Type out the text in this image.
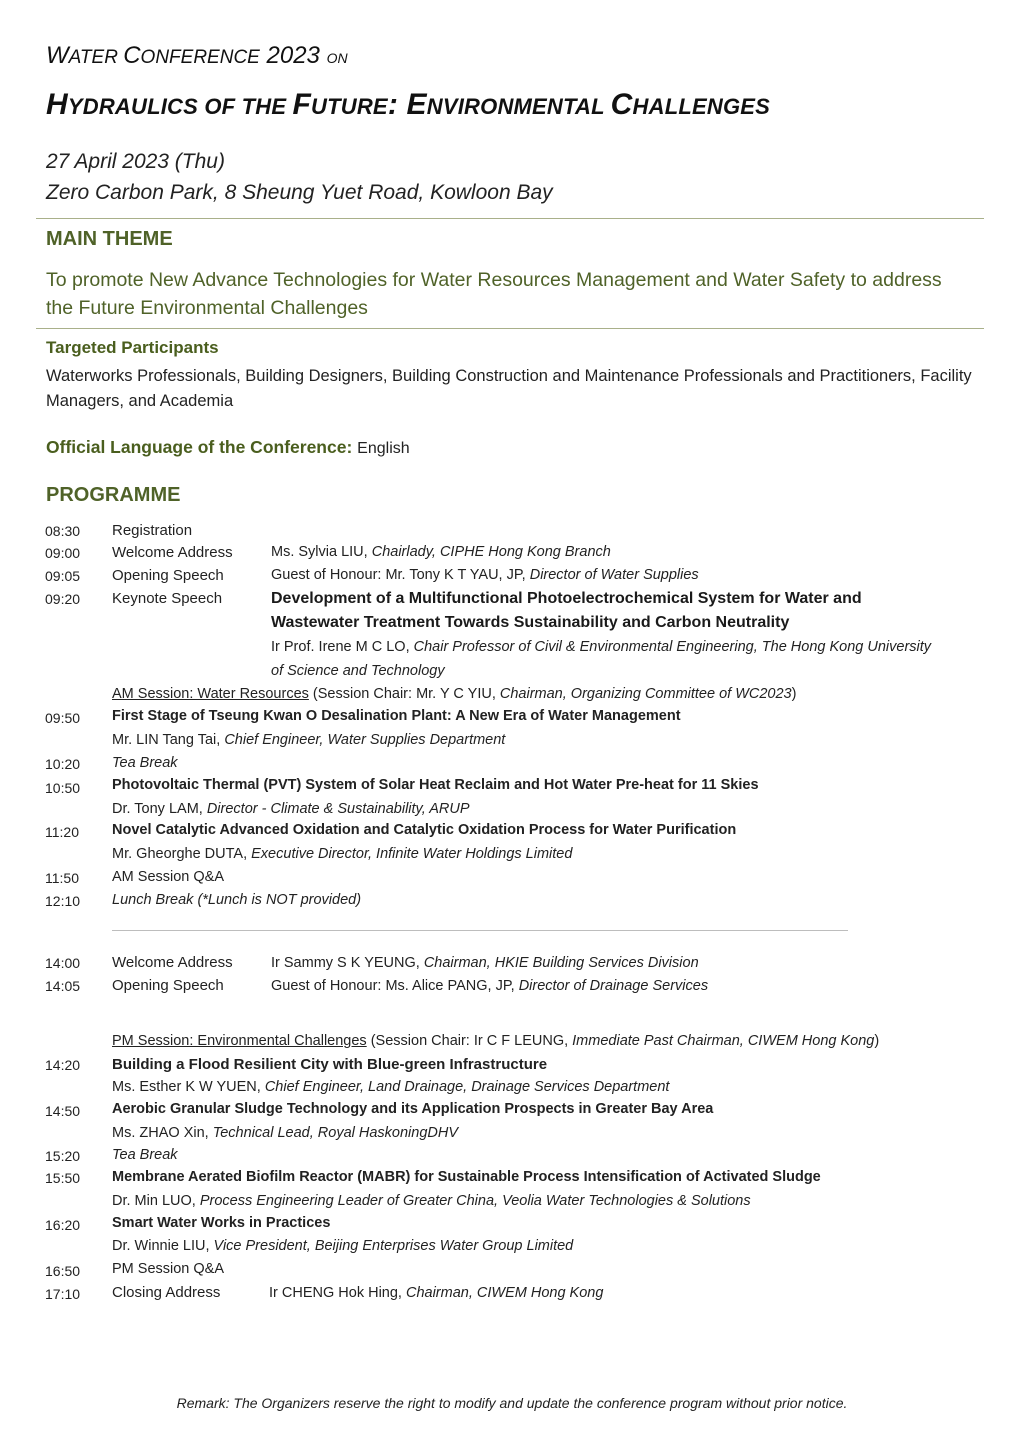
WATER CONFERENCE 2023 ON
HYDRAULICS OF THE FUTURE: ENVIRONMENTAL CHALLENGES
27 April 2023 (Thu)
Zero Carbon Park, 8 Sheung Yuet Road, Kowloon Bay
MAIN THEME
To promote New Advance Technologies for Water Resources Management and Water Safety to address the Future Environmental Challenges
Targeted Participants
Waterworks Professionals, Building Designers, Building Construction and Maintenance Professionals and Practitioners, Facility Managers, and Academia
Official Language of the Conference: English
PROGRAMME
08:30 Registration
09:00 Welcome Address	Ms. Sylvia LIU, Chairlady, CIPHE Hong Kong Branch
09:05 Opening Speech	Guest of Honour: Mr. Tony K T YAU, JP, Director of Water Supplies
09:20 Keynote Speech	Development of a Multifunctional Photoelectrochemical System for Water and
Wastewater Treatment Towards Sustainability and Carbon Neutrality
Ir Prof. Irene M C LO, Chair Professor of Civil & Environmental Engineering, The Hong Kong University
of Science and Technology
AM Session: Water Resources (Session Chair: Mr. Y C YIU, Chairman, Organizing Committee of WC2023)
09:50 First Stage of Tseung Kwan O Desalination Plant: A New Era of Water Management
Mr. LIN Tang Tai, Chief Engineer, Water Supplies Department
10:20 Tea Break
10:50 Photovoltaic Thermal (PVT) System of Solar Heat Reclaim and Hot Water Pre-heat for 11 Skies
Dr. Tony LAM, Director - Climate & Sustainability, ARUP
11:20 Novel Catalytic Advanced Oxidation and Catalytic Oxidation Process for Water Purification
Mr. Gheorghe DUTA, Executive Director, Infinite Water Holdings Limited
11:50 AM Session Q&A
12:10 Lunch Break (*Lunch is NOT provided)
14:00 Welcome Address	Ir Sammy S K YEUNG, Chairman, HKIE Building Services Division
14:05 Opening Speech	Guest of Honour: Ms. Alice PANG, JP, Director of Drainage Services
PM Session: Environmental Challenges (Session Chair: Ir C F LEUNG, Immediate Past Chairman, CIWEM Hong Kong)
14:20 Building a Flood Resilient City with Blue-green Infrastructure
Ms. Esther K W YUEN, Chief Engineer, Land Drainage, Drainage Services Department
14:50 Aerobic Granular Sludge Technology and its Application Prospects in Greater Bay Area
Ms. ZHAO Xin, Technical Lead, Royal HaskoningDHV
15:20 Tea Break
15:50 Membrane Aerated Biofilm Reactor (MABR) for Sustainable Process Intensification of Activated Sludge
Dr. Min LUO, Process Engineering Leader of Greater China, Veolia Water Technologies & Solutions
16:20 Smart Water Works in Practices
Dr. Winnie LIU, Vice President, Beijing Enterprises Water Group Limited
16:50 PM Session Q&A
17:10 Closing Address	Ir CHENG Hok Hing, Chairman, CIWEM Hong Kong
Remark: The Organizers reserve the right to modify and update the conference program without prior notice.
